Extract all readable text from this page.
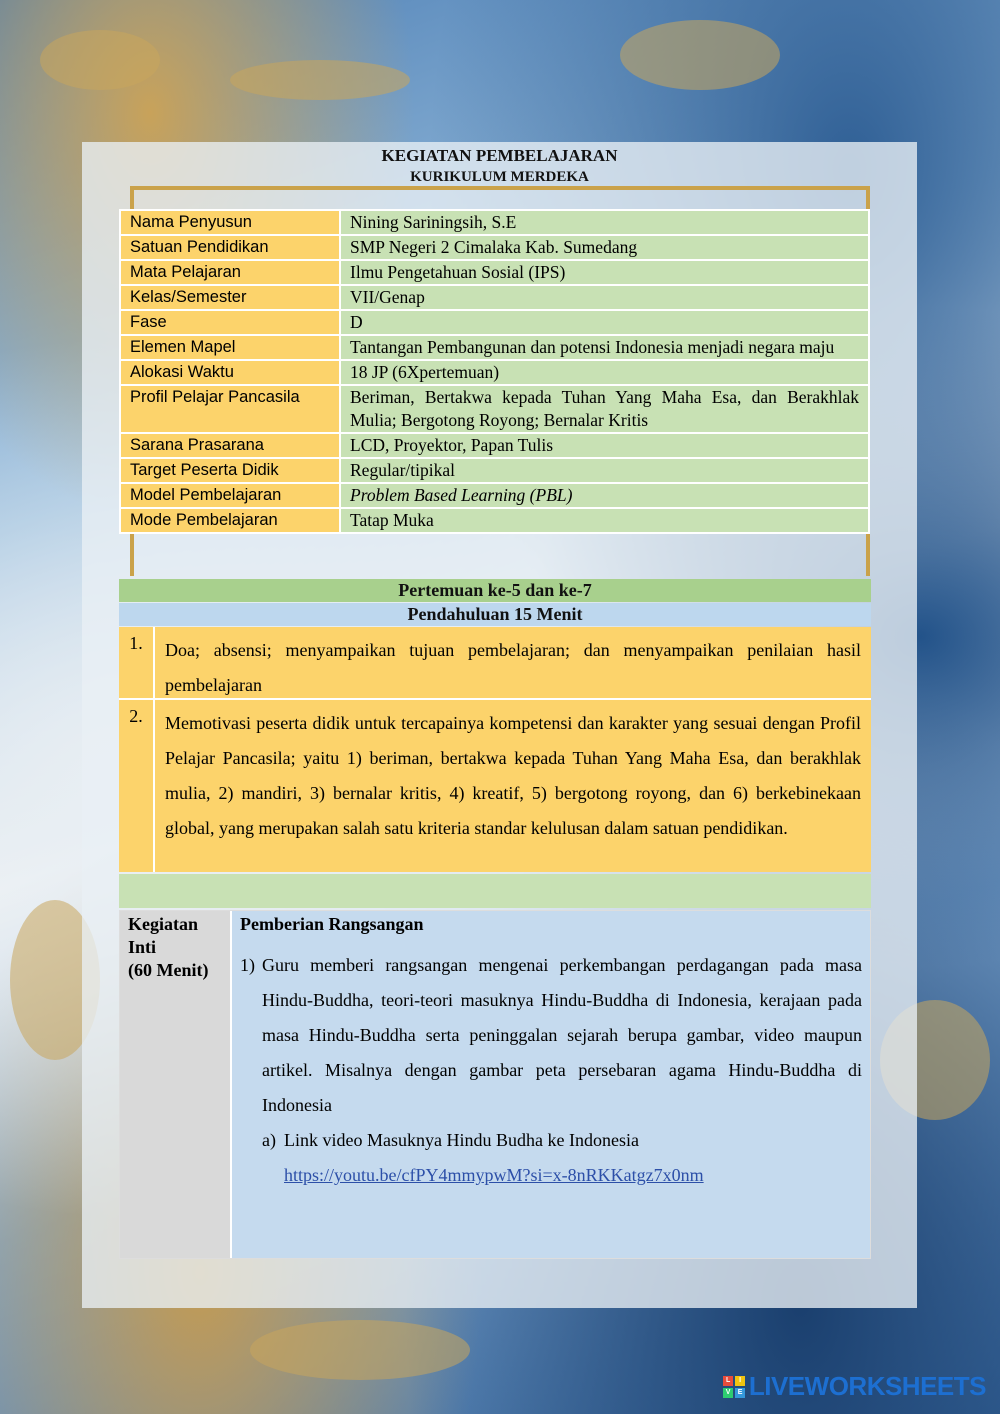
KEGIATAN PEMBELAJARAN
KURIKULUM MERDEKA
Nama Penyusun	Nining Sariningsih, S.E
Satuan Pendidikan	SMP Negeri 2 Cimalaka Kab. Sumedang
Mata Pelajaran	Ilmu Pengetahuan Sosial (IPS)
Kelas/Semester	VII/Genap
Fase	D
Elemen Mapel	Tantangan Pembangunan dan potensi Indonesia menjadi negara maju
Alokasi Waktu	18 JP (6Xpertemuan)
Profil Pelajar Pancasila	Beriman, Bertakwa kepada Tuhan Yang Maha Esa, dan Berakhlak Mulia; Bergotong Royong; Bernalar Kritis
Sarana Prasarana	LCD, Proyektor, Papan Tulis
Target Peserta Didik	Regular/tipikal
Model Pembelajaran	Problem Based Learning (PBL)
Mode Pembelajaran	Tatap Muka
Pertemuan ke-5 dan ke-7
Pendahuluan 15 Menit
1.	Doa; absensi; menyampaikan tujuan pembelajaran; dan menyampaikan penilaian hasil pembelajaran
2.	Memotivasi peserta didik untuk tercapainya kompetensi dan karakter yang sesuai dengan Profil Pelajar Pancasila; yaitu 1) beriman, bertakwa kepada Tuhan Yang Maha Esa, dan berakhlak mulia, 2) mandiri, 3) bernalar kritis, 4) kreatif, 5) bergotong royong, dan 6) berkebinekaan global, yang merupakan salah satu kriteria standar kelulusan dalam satuan pendidikan.
Kegiatan
Inti
(60 Menit)
Pemberian Rangsangan
1) Guru memberi rangsangan mengenai perkembangan perdagangan pada masa Hindu-Buddha, teori-teori masuknya Hindu-Buddha di Indonesia, kerajaan pada masa Hindu-Buddha serta peninggalan sejarah berupa gambar, video maupun artikel. Misalnya dengan gambar peta persebaran agama Hindu-Buddha di Indonesia
a) Link video Masuknya Hindu Budha ke Indonesia
https://youtu.be/cfPY4mmypwM?si=x-8nRKKatgz7x0nm
L	I
V	E LIVEWORKSHEETS
